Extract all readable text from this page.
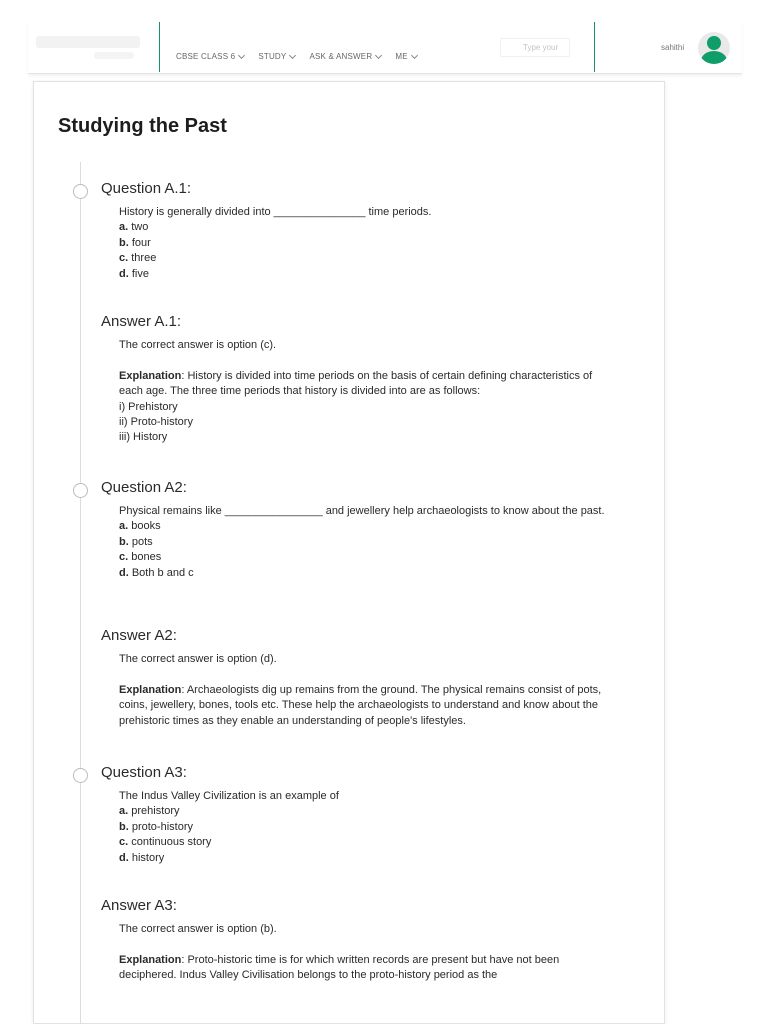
CBSE CLASS 6	STUDY	ASK & ANSWER	ME
Type your
sahithi
Studying the Past
Question A.1:
History is generally divided into _______________ time periods.
a. two
b. four
c. three
d. five
Answer A.1:
The correct answer is option (c).
Explanation: History is divided into time periods on the basis of certain defining characteristics of each age. The three time periods that history is divided into are as follows:
i) Prehistory
ii) Proto-history
iii) History
Question A2:
Physical remains like ________________ and jewellery help archaeologists to know about the past.
a. books
b. pots
c. bones
d. Both b and c
Answer A2:
The correct answer is option (d).
Explanation: Archaeologists dig up remains from the ground. The physical remains consist of pots, coins, jewellery, bones, tools etc. These help the archaeologists to understand and know about the prehistoric times as they enable an understanding of people's lifestyles.
Question A3:
The Indus Valley Civilization is an example of
a. prehistory
b. proto-history
c. continuous story
d. history
Answer A3:
The correct answer is option (b).
Explanation: Proto-historic time is for which written records are present but have not been deciphered. Indus Valley Civilisation belongs to the proto-history period as the
